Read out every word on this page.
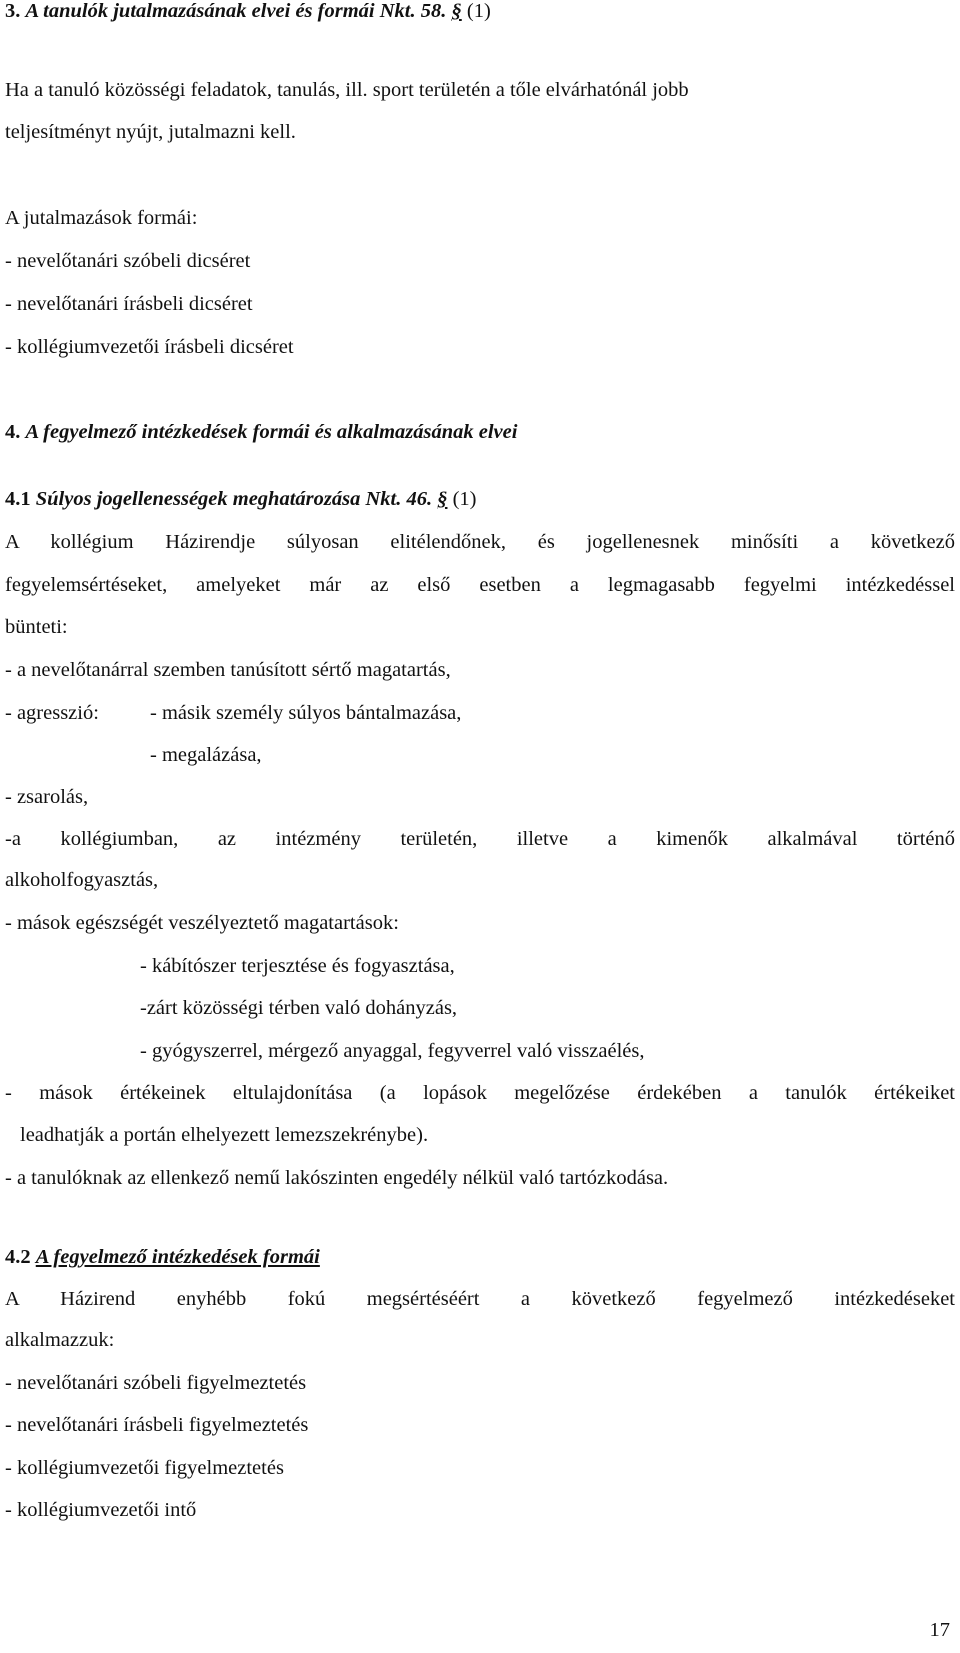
3. A tanulók jutalmazásának elvei és formái Nkt. 58. § (1)
Ha a tanuló közösségi feladatok, tanulás, ill. sport területén a tőle elvárhatónál jobb
teljesítményt nyújt, jutalmazni kell.
A jutalmazások formái:
- nevelőtanári szóbeli dicséret
- nevelőtanári írásbeli dicséret
- kollégiumvezetői írásbeli dicséret
4. A fegyelmező intézkedések formái és alkalmazásának elvei
4.1 Súlyos jogellenességek meghatározása Nkt. 46. § (1)
A kollégium Házirendje súlyosan elitélendőnek, és jogellenesnek minősíti a következő
fegyelemsértéseket, amelyeket már az első esetben a legmagasabb fegyelmi intézkedéssel
bünteti:
- a nevelőtanárral szemben tanúsított sértő magatartás,
- agresszió: - másik személy súlyos bántalmazása,
- megalázása,
- zsarolás,
-a kollégiumban, az intézmény területén, illetve a kimenők alkalmával történő
alkoholfogyasztás,
- mások egészségét veszélyeztető magatartások:
- kábítószer terjesztése és fogyasztása,
-zárt közösségi térben való dohányzás,
- gyógyszerrel, mérgező anyaggal, fegyverrel való visszaélés,
- mások értékeinek eltulajdonítása (a lopások megelőzése érdekében a tanulók értékeiket
leadhatják a portán elhelyezett lemezszekrénybe).
- a tanulóknak az ellenkező nemű lakószinten engedély nélkül való tartózkodása.
4.2 A fegyelmező intézkedések formái
A Házirend enyhébb fokú megsértéséért a következő fegyelmező intézkedéseket
alkalmazzuk:
- nevelőtanári szóbeli figyelmeztetés
- nevelőtanári írásbeli figyelmeztetés
- kollégiumvezetői figyelmeztetés
- kollégiumvezetői intő
17
